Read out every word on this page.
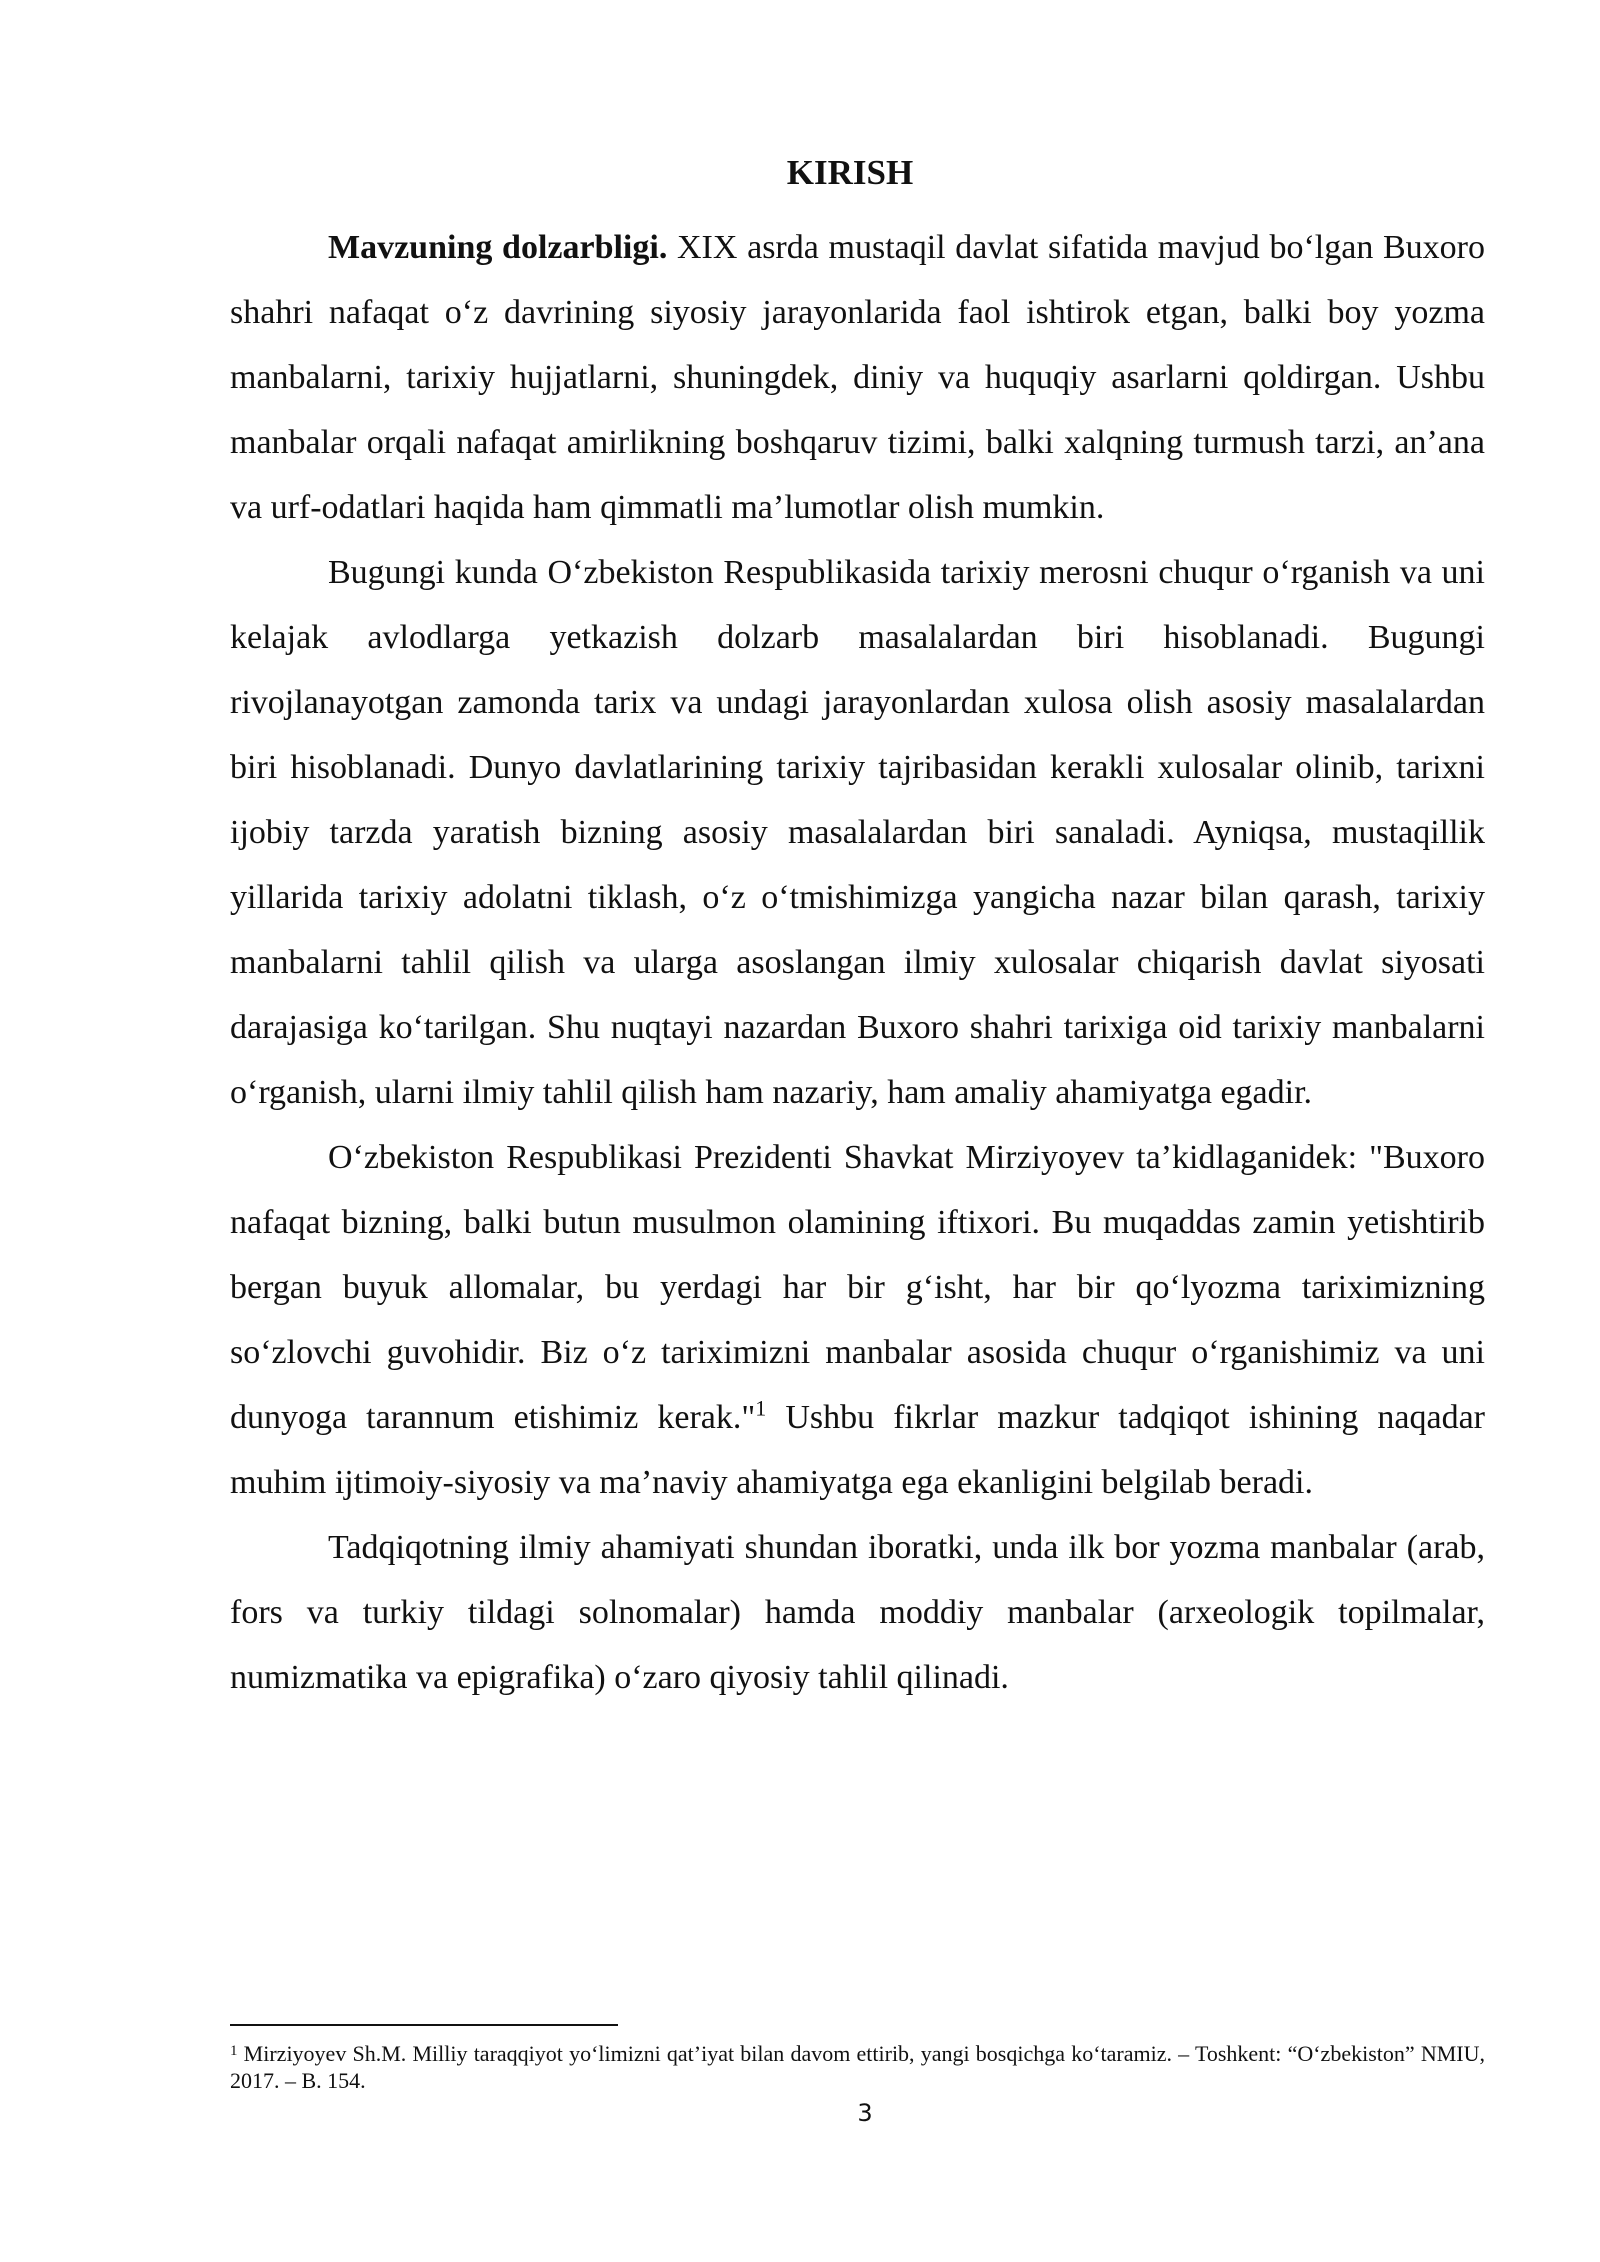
KIRISH

Mavzuning dolzarbligi. XIX asrda mustaqil davlat sifatida mavjud bo‘lgan Buxoro shahri nafaqat o‘z davrining siyosiy jarayonlarida faol ishtirok etgan, balki boy yozma manbalarni, tarixiy hujjatlarni, shuningdek, diniy va huquqiy asarlarni qoldirgan. Ushbu manbalar orqali nafaqat amirlikning boshqaruv tizimi, balki xalqning turmush tarzi, an’ana va urf-odatlari haqida ham qimmatli ma’lumotlar olish mumkin.

Bugungi kunda O‘zbekiston Respublikasida tarixiy merosni chuqur o‘rganish va uni kelajak avlodlarga yetkazish dolzarb masalalardan biri hisoblanadi. Bugungi rivojlanayotgan zamonda tarix va undagi jarayonlardan xulosa olish asosiy masalalardan biri hisoblanadi. Dunyo davlatlarining tarixiy tajribasidan kerakli xulosalar olinib, tarixni ijobiy tarzda yaratish bizning asosiy masalalardan biri sanaladi. Ayniqsa, mustaqillik yillarida tarixiy adolatni tiklash, o‘z o‘tmishimizga yangicha nazar bilan qarash, tarixiy manbalarni tahlil qilish va ularga asoslangan ilmiy xulosalar chiqarish davlat siyosati darajasiga ko‘tarilgan. Shu nuqtayi nazardan Buxoro shahri tarixiga oid tarixiy manbalarni o‘rganish, ularni ilmiy tahlil qilish ham nazariy, ham amaliy ahamiyatga egadir.

O‘zbekiston Respublikasi Prezidenti Shavkat Mirziyoyev ta’kidlaganidek: "Buxoro nafaqat bizning, balki butun musulmon olamining iftixori. Bu muqaddas zamin yetishtirib bergan buyuk allomalar, bu yerdagi har bir g‘isht, har bir qo‘lyozma tariximizning so‘zlovchi guvohidir. Biz o‘z tariximizni manbalar asosida chuqur o‘rganishimiz va uni dunyoga tarannum etishimiz kerak."$^1$ Ushbu fikrlar mazkur tadqiqot ishining naqadar muhim ijtimoiy-siyosiy va ma’naviy ahamiyatga ega ekanligini belgilab beradi.

Tadqiqotning ilmiy ahamiyati shundan iboratki, unda ilk bor yozma manbalar (arab, fors va turkiy tildagi solnomalar) hamda moddiy manbalar (arxeologik topilmalar, numizmatika va epigrafika) o‘zaro qiyosiy tahlil qilinadi.

$^1$ Mirziyoyev Sh.M. Milliy taraqqiyot yo‘limizni qat’iyat bilan davom ettirib, yangi bosqichga ko‘taramiz. – Toshkent: “O‘zbekiston” NMIU, 2017. – B. 154.

3
